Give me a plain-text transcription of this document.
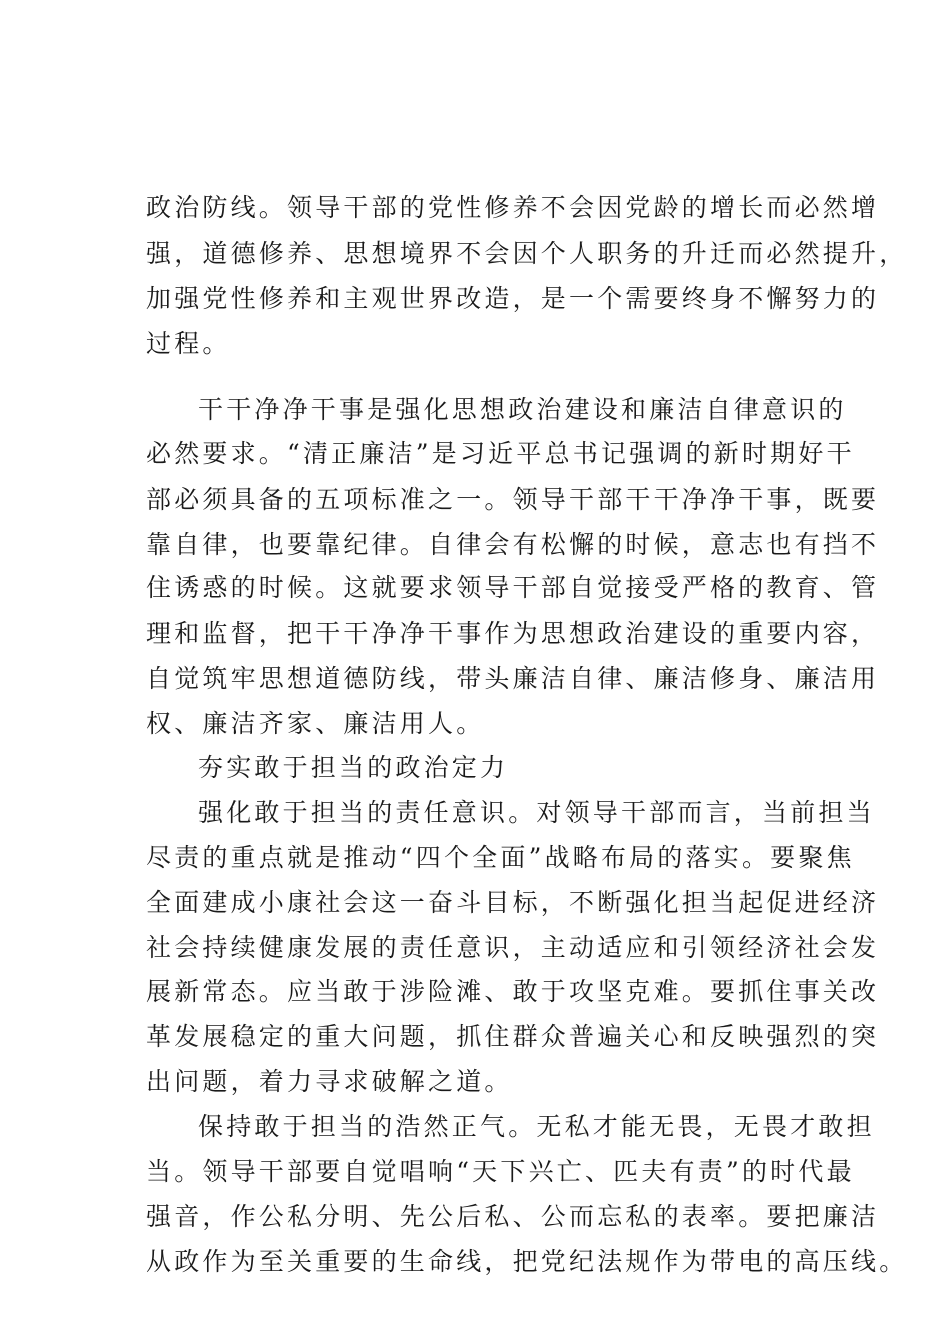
政治防线。领导干部的党性修养不会因党龄的增长而必然增
强，道德修养、思想境界不会因个人职务的升迁而必然提升，
加强党性修养和主观世界改造，是一个需要终身不懈努力的
过程。
干干净净干事是强化思想政治建设和廉洁自律意识的
必然要求。“清正廉洁”是习近平总书记强调的新时期好干
部必须具备的五项标准之一。领导干部干干净净干事，既要
靠自律，也要靠纪律。自律会有松懈的时候，意志也有挡不
住诱惑的时候。这就要求领导干部自觉接受严格的教育、管
理和监督，把干干净净干事作为思想政治建设的重要内容，
自觉筑牢思想道德防线，带头廉洁自律、廉洁修身、廉洁用
权、廉洁齐家、廉洁用人。
夯实敢于担当的政治定力
强化敢于担当的责任意识。对领导干部而言，当前担当
尽责的重点就是推动“四个全面”战略布局的落实。要聚焦
全面建成小康社会这一奋斗目标，不断强化担当起促进经济
社会持续健康发展的责任意识，主动适应和引领经济社会发
展新常态。应当敢于涉险滩、敢于攻坚克难。要抓住事关改
革发展稳定的重大问题，抓住群众普遍关心和反映强烈的突
出问题，着力寻求破解之道。
保持敢于担当的浩然正气。无私才能无畏，无畏才敢担
当。领导干部要自觉唱响“天下兴亡、匹夫有责”的时代最
强音，作公私分明、先公后私、公而忘私的表率。要把廉洁
从政作为至关重要的生命线，把党纪法规作为带电的高压线。
